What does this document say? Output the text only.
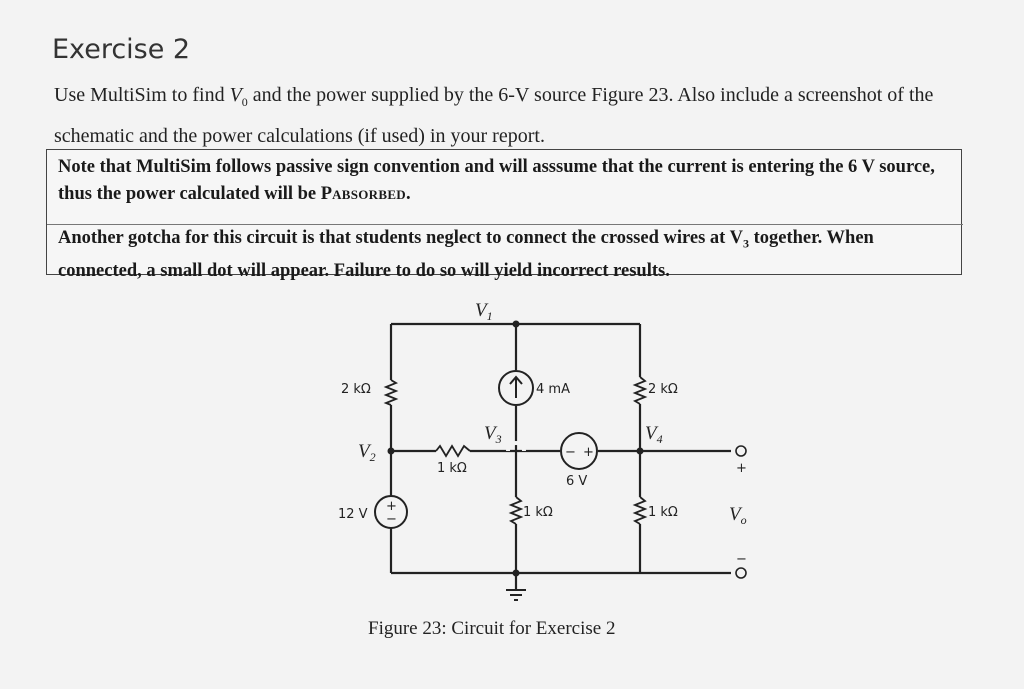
Exercise 2
Use MultiSim to find $V_0$ and the power supplied by the 6-V source Figure 23. Also include a screenshot of the schematic and the power calculations (if used) in your report.
Note that MultiSim follows passive sign convention and will asssume that the current is entering the 6 V source, thus the power calculated will be PABSORBED.
Another gotcha for this circuit is that students neglect to connect the crossed wires at $V_3$ together. When connected, a small dot will appear. Failure to do so will yield incorrect results.
$V_1$
2 kΩ	4 mA	2 kΩ
$V_2$
1 kΩ
$V_3$	$V_4$
− +
6 V
+
12 V
+
−	1 kΩ	1 kΩ	$V_o$
−
Figure 23: Circuit for Exercise 2
